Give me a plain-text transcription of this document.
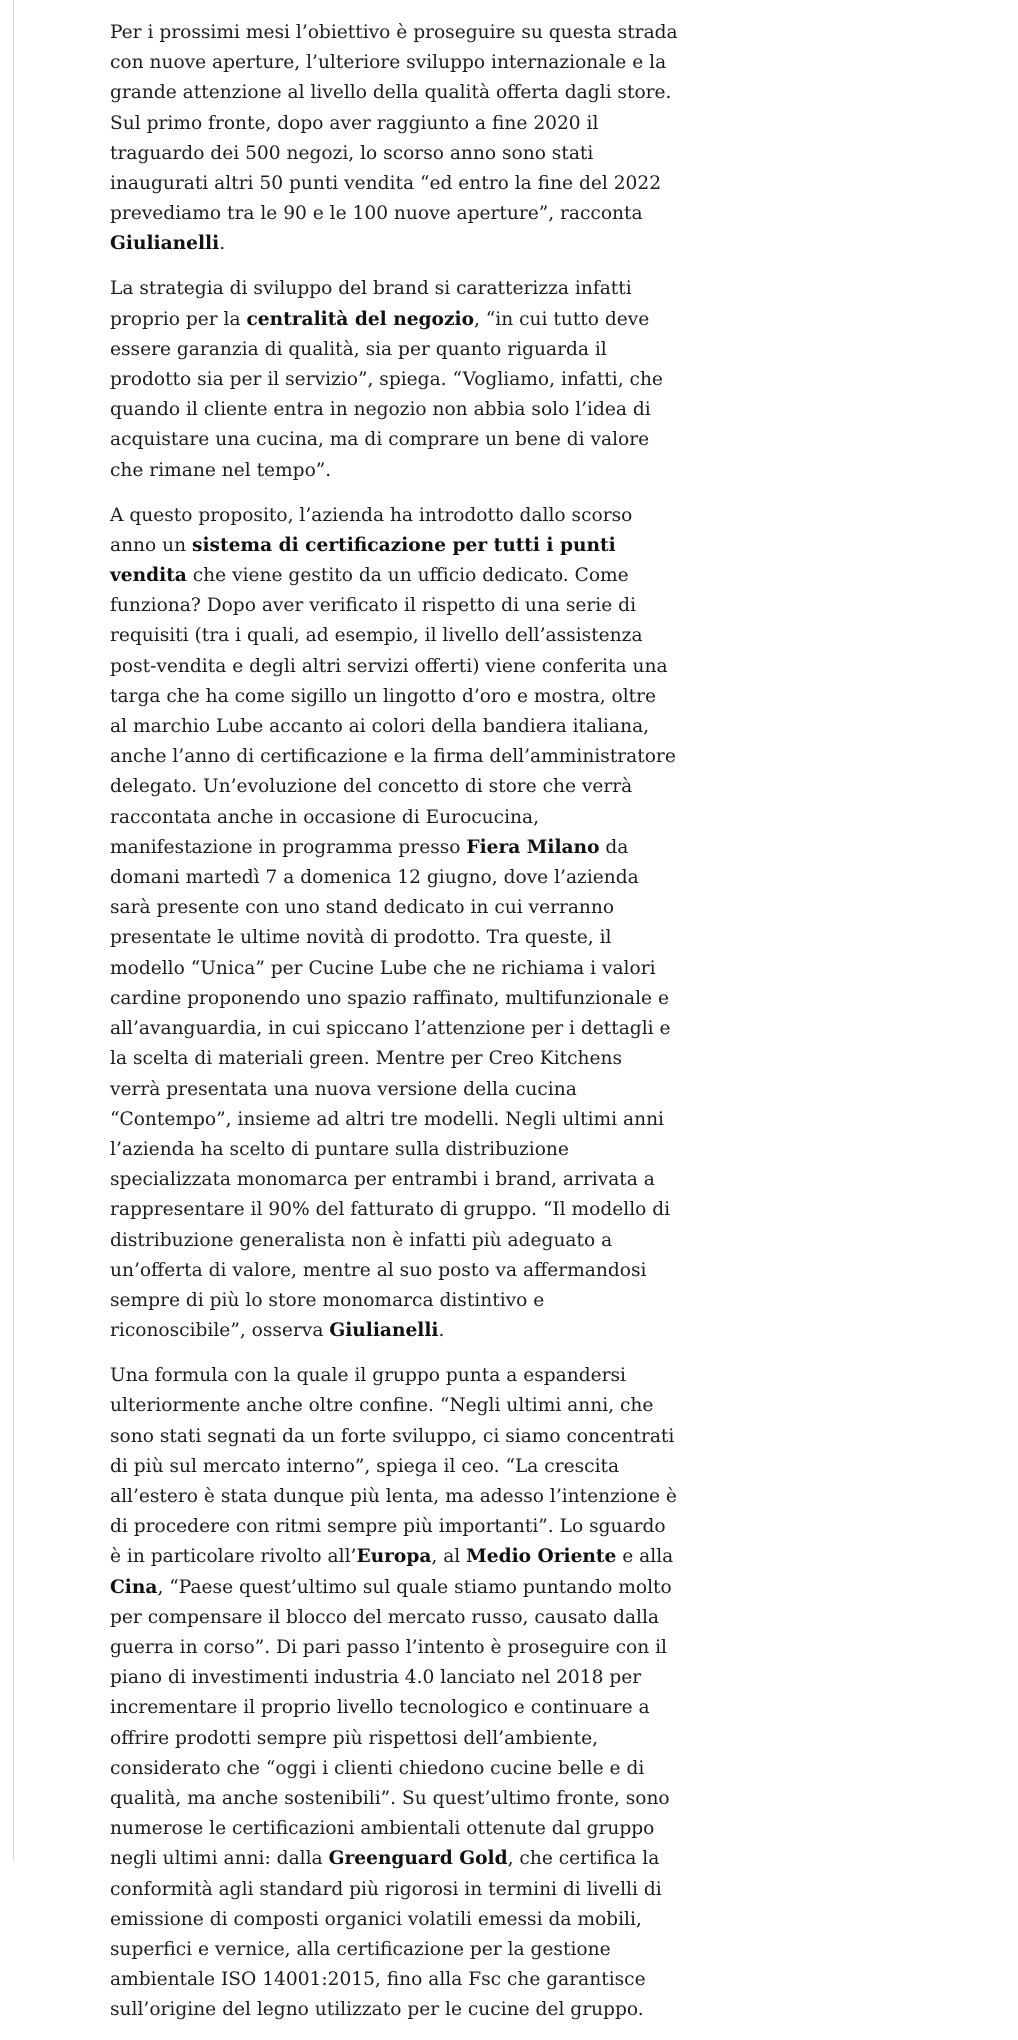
Per i prossimi mesi l’obiettivo è proseguire su questa strada con nuove aperture, l’ulteriore sviluppo internazionale e la grande attenzione al livello della qualità offerta dagli store. Sul primo fronte, dopo aver raggiunto a fine 2020 il traguardo dei 500 negozi, lo scorso anno sono stati inaugurati altri 50 punti vendita “ed entro la fine del 2022 prevediamo tra le 90 e le 100 nuove aperture”, racconta Giulianelli.

La strategia di sviluppo del brand si caratterizza infatti proprio per la centralità del negozio, “in cui tutto deve essere garanzia di qualità, sia per quanto riguarda il prodotto sia per il servizio”, spiega. “Vogliamo, infatti, che quando il cliente entra in negozio non abbia solo l’idea di acquistare una cucina, ma di comprare un bene di valore che rimane nel tempo”.

A questo proposito, l’azienda ha introdotto dallo scorso anno un sistema di certificazione per tutti i punti vendita che viene gestito da un ufficio dedicato. Come funziona? Dopo aver verificato il rispetto di una serie di requisiti (tra i quali, ad esempio, il livello dell’assistenza post-vendita e degli altri servizi offerti) viene conferita una targa che ha come sigillo un lingotto d’oro e mostra, oltre al marchio Lube accanto ai colori della bandiera italiana, anche l’anno di certificazione e la firma dell’amministratore delegato. Un’evoluzione del concetto di store che verrà raccontata anche in occasione di Eurocucina, manifestazione in programma presso Fiera Milano da domani martedì 7 a domenica 12 giugno, dove l’azienda sarà presente con uno stand dedicato in cui verranno presentate le ultime novità di prodotto. Tra queste, il modello “Unica” per Cucine Lube che ne richiama i valori cardine proponendo uno spazio raffinato, multifunzionale e all’avanguardia, in cui spiccano l’attenzione per i dettagli e la scelta di materiali green. Mentre per Creo Kitchens verrà presentata una nuova versione della cucina “Contempo”, insieme ad altri tre modelli. Negli ultimi anni l’azienda ha scelto di puntare sulla distribuzione specializzata monomarca per entrambi i brand, arrivata a rappresentare il 90% del fatturato di gruppo. “Il modello di distribuzione generalista non è infatti più adeguato a un’offerta di valore, mentre al suo posto va affermandosi sempre di più lo store monomarca distintivo e riconoscibile”, osserva Giulianelli.

Una formula con la quale il gruppo punta a espandersi ulteriormente anche oltre confine. “Negli ultimi anni, che sono stati segnati da un forte sviluppo, ci siamo concentrati di più sul mercato interno”, spiega il ceo. “La crescita all’estero è stata dunque più lenta, ma adesso l’intenzione è di procedere con ritmi sempre più importanti”. Lo sguardo è in particolare rivolto all’Europa, al Medio Oriente e alla Cina, “Paese quest’ultimo sul quale stiamo puntando molto per compensare il blocco del mercato russo, causato dalla guerra in corso”. Di pari passo l’intento è proseguire con il piano di investimenti industria 4.0 lanciato nel 2018 per incrementare il proprio livello tecnologico e continuare a offrire prodotti sempre più rispettosi dell’ambiente, considerato che “oggi i clienti chiedono cucine belle e di qualità, ma anche sostenibili”. Su quest’ultimo fronte, sono numerose le certificazioni ambientali ottenute dal gruppo negli ultimi anni: dalla Greenguard Gold, che certifica la conformità agli standard più rigorosi in termini di livelli di emissione di composti organici volatili emessi da mobili, superfici e vernice, alla certificazione per la gestione ambientale ISO 14001:2015, fino alla Fsc che garantisce sull’origine del legno utilizzato per le cucine del gruppo.
